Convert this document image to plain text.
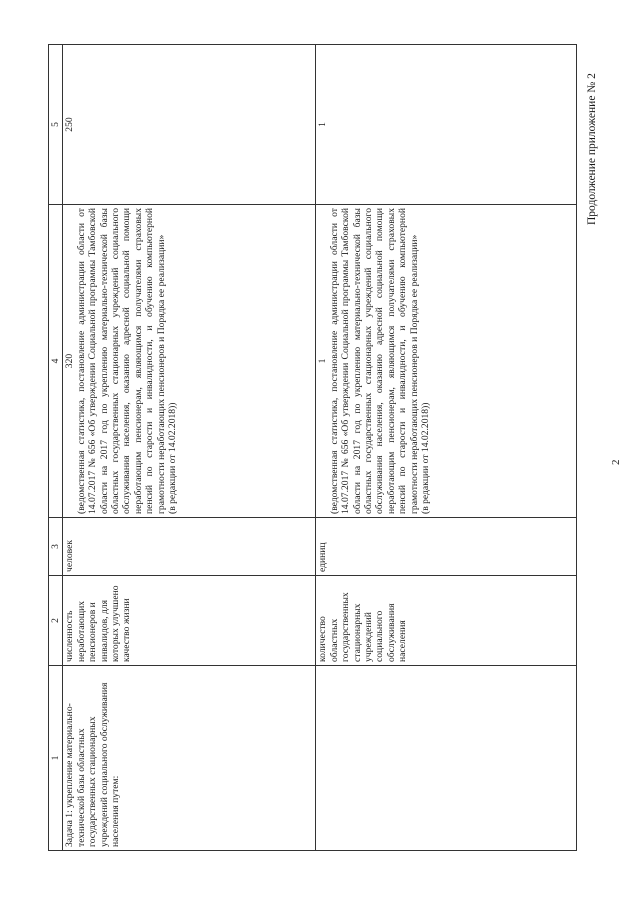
2
Продолжение приложение № 2
1	2	3	4	5
Задача 1: укрепление материально-технической базы областных государственных стационарных учреждений социального обслуживания населения путем:	численность неработающих пенсионеров и инвалидов, для которых улучшено качество жизни	человек	320 (ведомственная статистика, постановление администрации области от 14.07.2017 № 656 «Об утверждении Социальной программы Тамбовской области на 2017 год по укреплению материально-технической базы областных государственных стационарных учреждений социального обслуживания населения, оказанию адресной социальной помощи неработающим пенсионерам, являющимся получателями страховых пенсий по старости и инвалидности, и обучению компьютерной грамотности неработающих пенсионеров и Порядка ее реализации» (в редакции от 14.02.2018))	250
	количество областных государственных стационарных учреждений социального обслуживания населения	единиц	1 (ведомственная статистика, постановление администрации области от 14.07.2017 № 656 «Об утверждении Социальной программы Тамбовской области на 2017 год по укреплению материально-технической базы областных государственных стационарных учреждений социального обслуживания населения, оказанию адресной социальной помощи неработающим пенсионерам, являющимся получателями страховых пенсий по старости и инвалидности, и обучению компьютерной грамотности неработающих пенсионеров и Порядка ее реализации» (в редакции от 14.02.2018))	1
